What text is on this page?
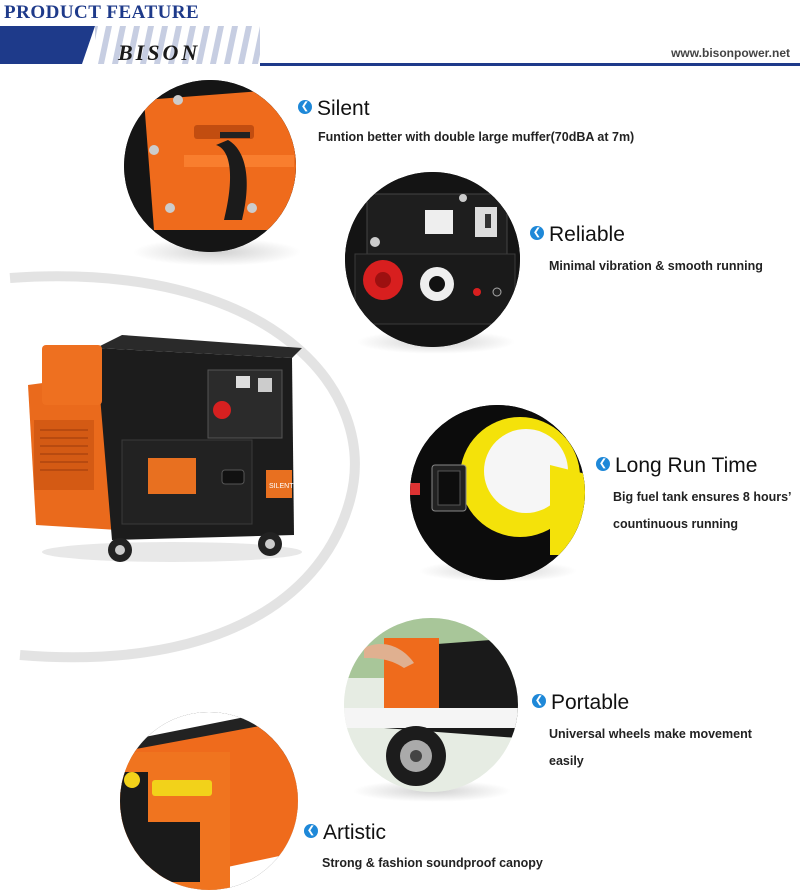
PRODUCT FEATURE
BISON	www.bisonpower.net
SILENT
❮ Silent
Funtion better with double large muffer(70dBA at 7m)
❮ Reliable
Minimal vibration & smooth running
❮ Long Run Time
Big fuel tank ensures 8 hours’
countinuous running
❮ Portable
Universal wheels make movement
easily
❮ Artistic
Strong & fashion soundproof canopy
